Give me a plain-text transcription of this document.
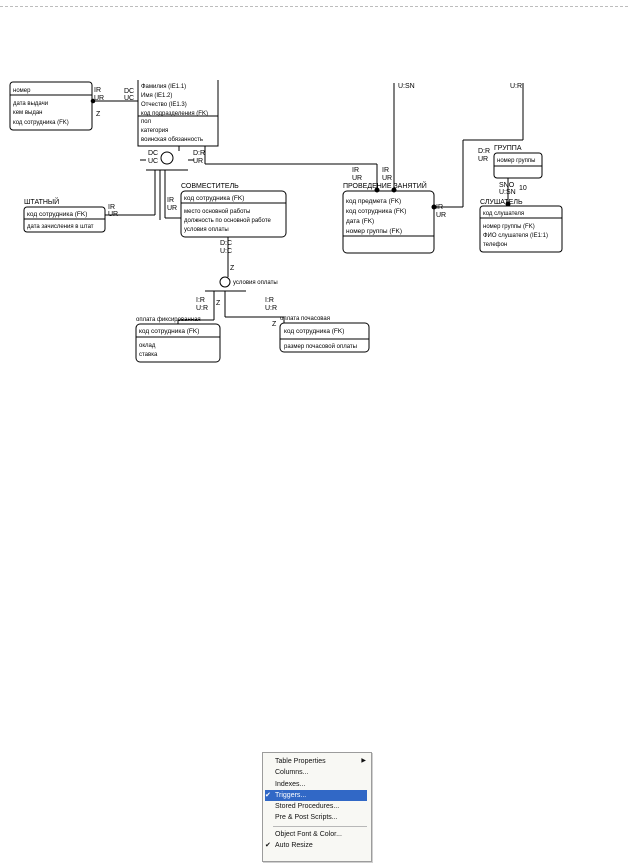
U:SN	U:R
номер
дата выдачи
кем выдан
код сотрудника (FK)
Фамилия (IE1.1)
Имя (IE1.2)
Отчество (IE1.3)
код подразделения (FK)
пол
категория
воинская обязанность
IR
UR
Z
DC
UC
DC
UC
D:R
UR
IR
UR
IR
UR
IR
UR
IR
UR	IR
UR
D:R
UR
SNO
U:SN
10
D:C
U:C
Z
I:R
U:R
Z	I:R
U:R
Z
условия оплаты
ПРОВЕДЕНИЕ ЗАНЯТИЙ
код предмета (FK)
код сотрудника (FK)
дата (FK)
номер группы (FK)
ШТАТНЫЙ
код сотрудника (FK)
дата зачисления в штат
СОВМЕСТИТЕЛЬ
код сотрудника (FK)
место основной работы
должность по основной работе
условия оплаты
ГРУППА
номер группы
СЛУШАТЕЛЬ
код слушателя
номер группы (FK)
ФИО слушателя (IE1:1)
телефон
оплата фиксированная
код сотрудника (FK)
оклад
ставка
оплата почасовая
код сотрудника (FK)
размер почасовой оплаты
Table Properties	▶
Columns...
Indexes...
✔ Triggers...
Stored Procedures...
Pre & Post Scripts...
Object Font & Color...
✔ Auto Resize
